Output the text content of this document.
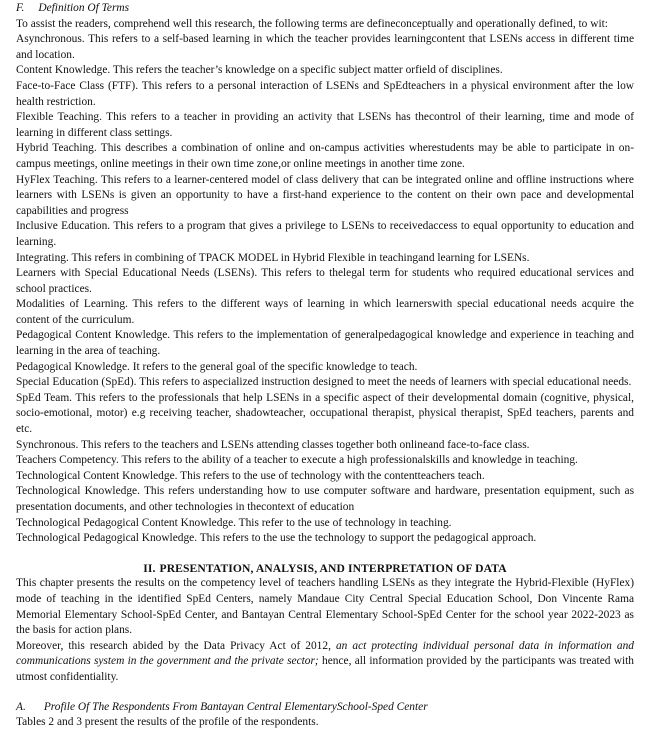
F. Definition Of Terms

To assist the readers, comprehend well this research, the following terms are defineconceptually and operationally defined, to wit:

Asynchronous. This refers to a self-based learning in which the teacher provides learningcontent that LSENs access in different time and location.
Content Knowledge. This refers the teacher’s knowledge on a specific subject matter orfield of disciplines.
Face-to-Face Class (FTF). This refers to a personal interaction of LSENs and SpEdteachers in a physical environment after the low health restriction.
Flexible Teaching. This refers to a teacher in providing an activity that LSENs has thecontrol of their learning, time and mode of learning in different class settings.
Hybrid Teaching. This describes a combination of online and on-campus activities wherestudents may be able to participate in on-campus meetings, online meetings in their own time zone,or online meetings in another time zone.
HyFlex Teaching. This refers to a learner-centered model of class delivery that can be integrated online and offline instructions where learners with LSENs is given an opportunity to have a first-hand experience to the content on their own pace and developmental capabilities and progress
Inclusive Education. This refers to a program that gives a privilege to LSENs to receivedaccess to equal opportunity to education and learning.
Integrating. This refers in combining of TPACK MODEL in Hybrid Flexible in teachingand learning for LSENs.
Learners with Special Educational Needs (LSENs). This refers to thelegal term for students who required educational services and school practices.
Modalities of Learning. This refers to the different ways of learning in which learnerswith special educational needs acquire the content of the curriculum.
Pedagogical Content Knowledge. This refers to the implementation of generalpedagogical knowledge and experience in teaching and learning in the area of teaching.
Pedagogical Knowledge. It refers to the general goal of the specific knowledge to teach.
Special Education (SpEd). This refers to aspecialized instruction designed to meet the needs of learners with special educational needs.
SpEd Team. This refers to the professionals that help LSENs in a specific aspect of their developmental domain (cognitive, physical, socio-emotional, motor) e.g receiving teacher, shadowteacher, occupational therapist, physical therapist, SpEd teachers, parents and etc.
Synchronous. This refers to the teachers and LSENs attending classes together both onlineand face-to-face class.
Teachers Competency. This refers to the ability of a teacher to execute a high professionalskills and knowledge in teaching.
Technological Content Knowledge. This refers to the use of technology with the contentteachers teach.
Technological Knowledge. This refers understanding how to use computer software and hardware, presentation equipment, such as presentation documents, and other technologies in thecontext of education
Technological Pedagogical Content Knowledge. This refer to the use of technology in teaching.
Technological Pedagogical Knowledge. This refers to the use the technology to support the pedagogical approach.
II. PRESENTATION, ANALYSIS, AND INTERPRETATION OF DATA

This chapter presents the results on the competency level of teachers handling LSENs as they integrate the Hybrid-Flexible (HyFlex) mode of teaching in the identified SpEd Centers, namely Mandaue City Central Special Education School, Don Vincente Rama Memorial Elementary School-SpEd Center, and Bantayan Central Elementary School-SpEd Center for the school year 2022-2023 as the basis for action plans.

Moreover, this research abided by the Data Privacy Act of 2012, an act protecting individual personal data in information and communications system in the government and the private sector; hence, all information provided by the participants was treated with utmost confidentiality.

A. Profile Of The Respondents From Bantayan Central ElementarySchool-Sped Center

Tables 2 and 3 present the results of the profile of the respondents.
